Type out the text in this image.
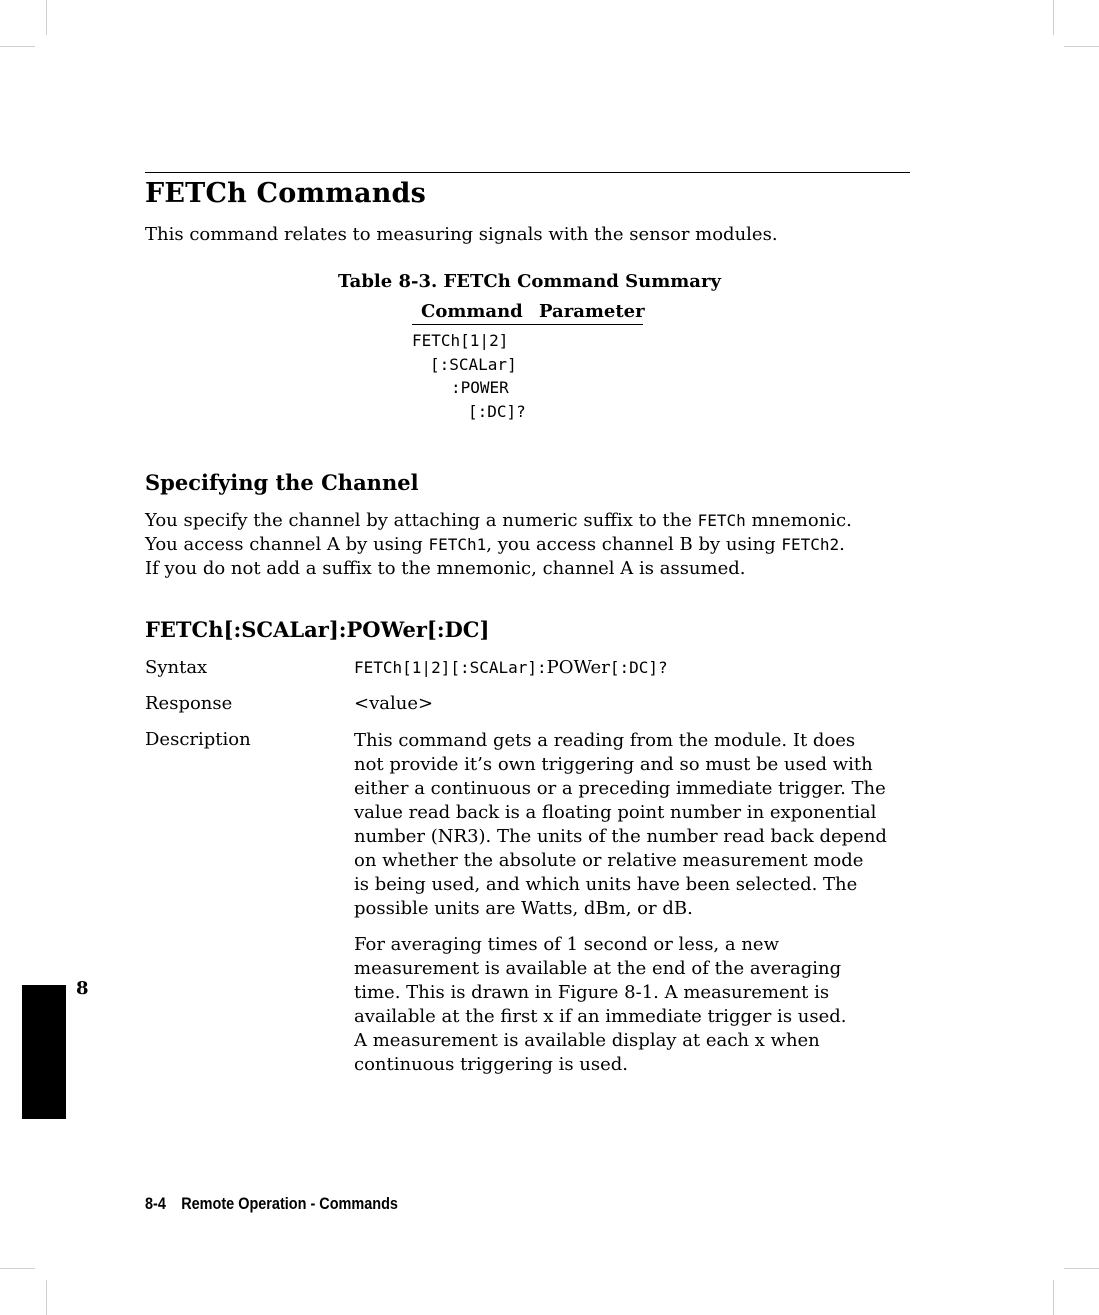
FETCh Commands
This command relates to measuring signals with the sensor modules.
Table 8-3. FETCh Command Summary
Command Parameter
FETCh[1|2]
[:SCALar]
:POWER
[:DC]?
Specifying the Channel
You specify the channel by attaching a numeric suffix to the FETCh mnemonic.
You access channel A by using FETCh1, you access channel B by using FETCh2.
If you do not add a suffix to the mnemonic, channel A is assumed.
FETCh[:SCALar]:POWer[:DC]
Syntax	FETCh[1|2][:SCALar]:POWer[:DC]?
Response	<value>
Description	This command gets a reading from the module. It does
not provide it’s own triggering and so must be used with
either a continuous or a preceding immediate trigger. The
value read back is a floating point number in exponential
number (NR3). The units of the number read back depend
on whether the absolute or relative measurement mode
is being used, and which units have been selected. The
possible units are Watts, dBm, or dB.
For averaging times of 1 second or less, a new
measurement is available at the end of the averaging
time. This is drawn in Figure 8-1. A measurement is
available at the first x if an immediate trigger is used.
A measurement is available display at each x when
continuous triggering is used.
8
8-4 Remote Operation - Commands
